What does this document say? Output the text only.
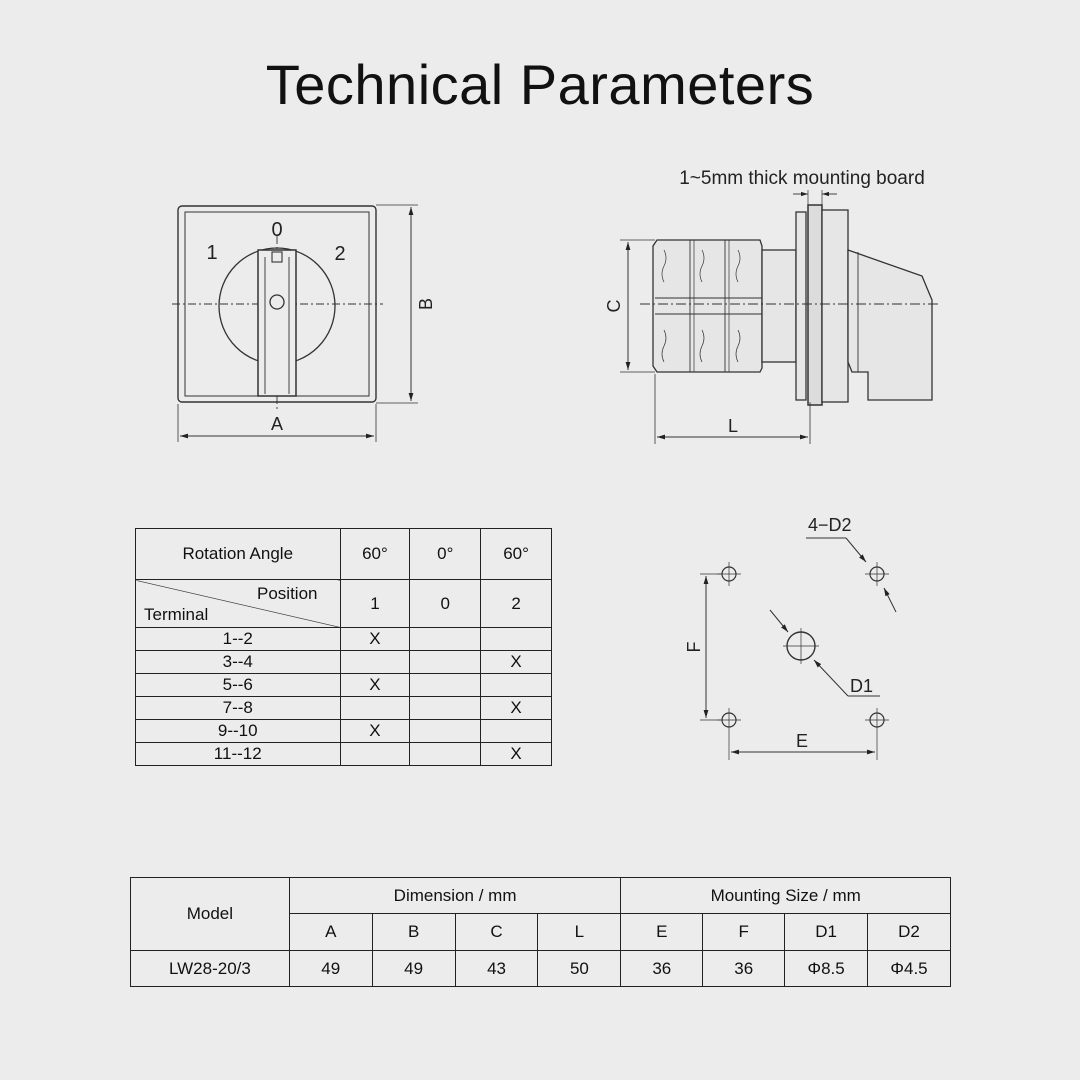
Technical Parameters
1
0
2
A
B
1~5mm thick mounting board
C
L
4−D2
D1
E
F
Rotation Angle	60°	0°	60°

Position
Terminal	1	0	2
1--2	X		
3--4			X
5--6	X		
7--8			X
9--10	X		
11--12			X
Model	Dimension / mm				Mounting Size / mm			
	A	B	C	L	E	F	D1	D2
LW28-20/3	49	49	43	50	36	36	Φ8.5	Φ4.5
